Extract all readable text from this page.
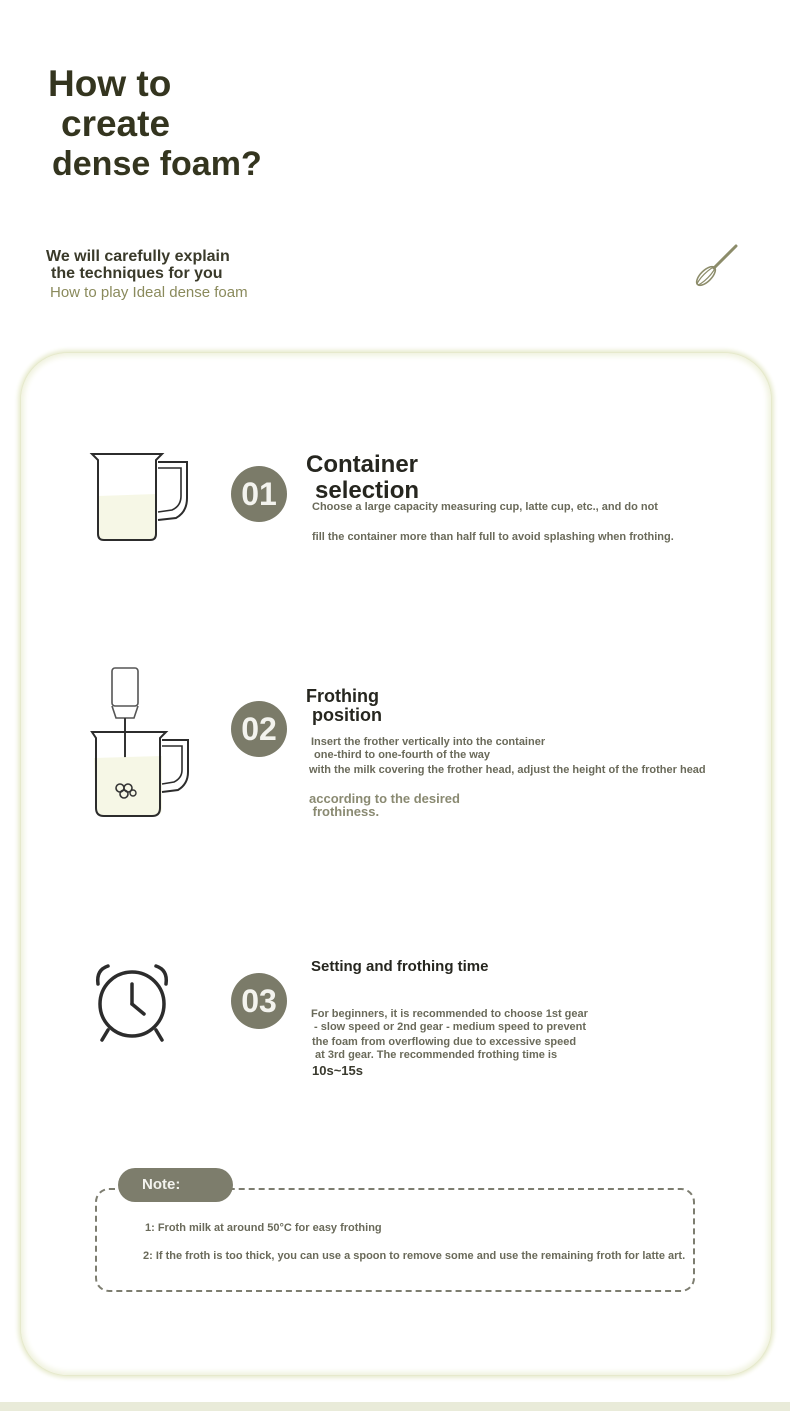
How to
create
dense foam?
We will carefully explain
the techniques for you
How to play Ideal dense foam
01
Container
selection
Choose a large capacity measuring cup, latte cup, etc., and do not
fill the container more than half full to avoid splashing when frothing.
02
Frothing
position
Insert the frother vertically into the container
one-third to one-fourth of the way
with the milk covering the frother head, adjust the height of the frother head
according to the desired
frothiness.
03
Setting and frothing time
For beginners, it is recommended to choose 1st gear
- slow speed or 2nd gear - medium speed to prevent
the foam from overflowing due to excessive speed
at 3rd gear. The recommended frothing time is
10s~15s
Note:
1: Froth milk at around 50°C for easy frothing
2: If the froth is too thick, you can use a spoon to remove some and use the remaining froth for latte art.
